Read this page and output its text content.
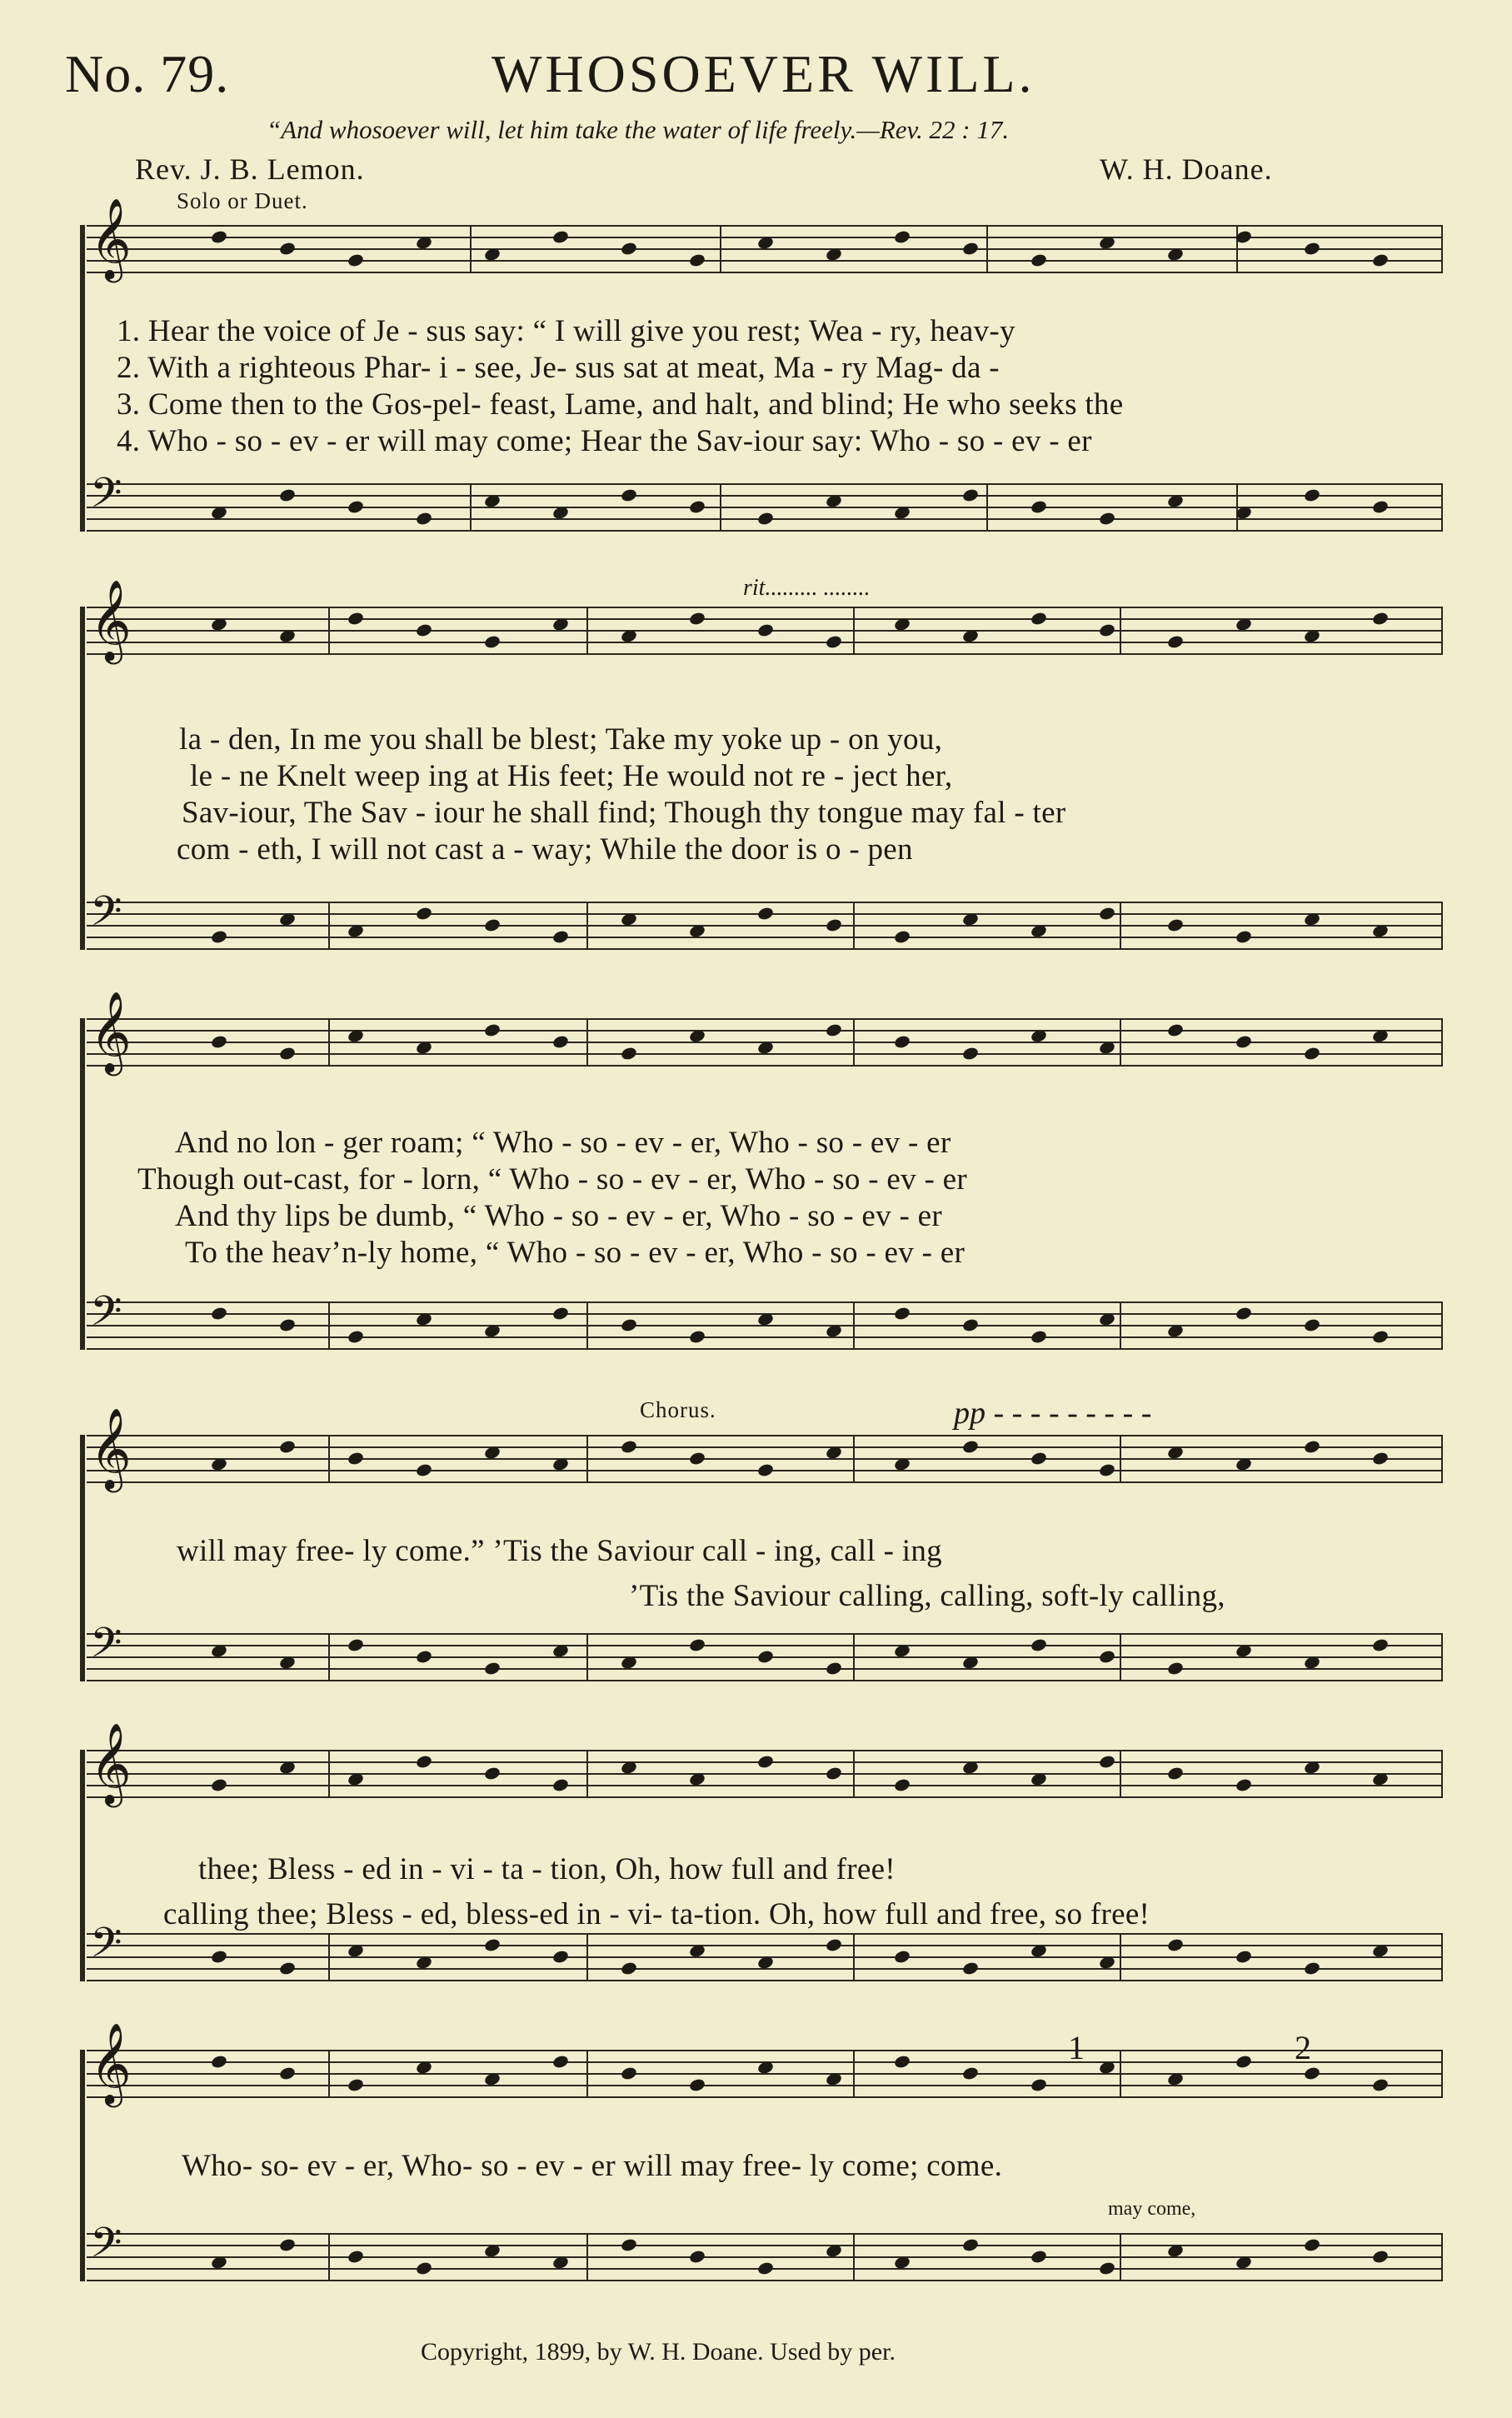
No. 79.	WHOSOEVER WILL.
“And whosoever will, let him take the water of life freely.—Rev. 22 : 17.
Rev. J. B. Lemon.	W. H. Doane.
Solo or Duet.
𝄞
𝄢
𝄞
𝄢
𝄞
𝄢
𝄞
𝄢
𝄞
𝄢
𝄞
𝄢
rit......... ........
Chorus.	pp - - - - - - - - -
may come,
1	2
1. Hear the voice of Je - sus say: “ I will give you rest; Wea - ry, heav-y
2. With a righteous Phar- i - see, Je- sus sat at meat, Ma - ry Mag- da -
3. Come then to the Gos-pel- feast, Lame, and halt, and blind; He who seeks the
4. Who - so - ev - er will may come; Hear the Sav-iour say: Who - so - ev - er
la - den, In me you shall be blest; Take my yoke up - on you,
le - ne Knelt weep ing at His feet; He would not re - ject her,
Sav-iour, The Sav - iour he shall find; Though thy tongue may fal - ter
com - eth, I will not cast a - way; While the door is o - pen
And no lon - ger roam; “ Who - so - ev - er, Who - so - ev - er
Though out-cast, for - lorn, “ Who - so - ev - er, Who - so - ev - er
And thy lips be dumb, “ Who - so - ev - er, Who - so - ev - er
To the heav’n-ly home, “ Who - so - ev - er, Who - so - ev - er
will may free- ly come.” ’Tis the Saviour call - ing, call - ing
’Tis the Saviour calling, calling, soft-ly calling,
thee; Bless - ed in - vi - ta - tion, Oh, how full and free!
calling thee; Bless - ed, bless-ed in - vi- ta-tion. Oh, how full and free, so free!
Who- so- ev - er, Who- so - ev - er will may free- ly come; come.
Copyright, 1899, by W. H. Doane. Used by per.
